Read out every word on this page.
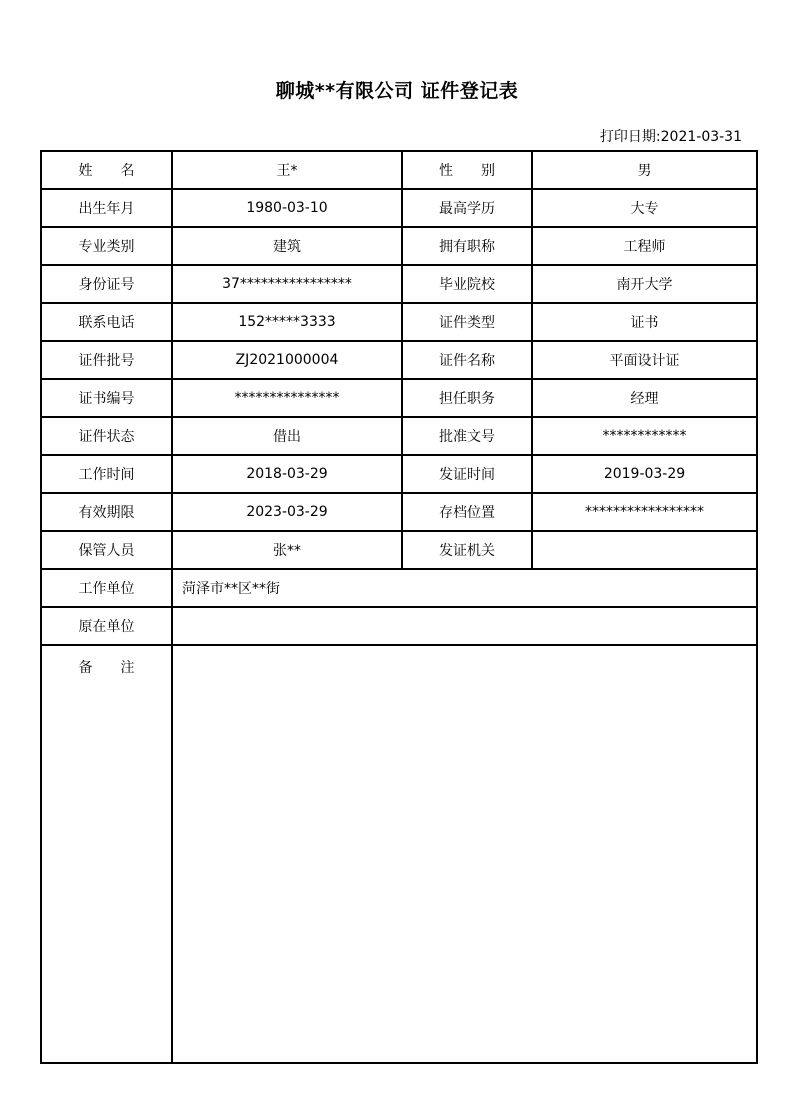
聊城**有限公司 证件登记表
打印日期:2021-03-31
姓　　名	王*	性　　别	男
出生年月	1980-03-10	最高学历	大专
专业类别	建筑	拥有职称	工程师
身份证号	37****************	毕业院校	南开大学
联系电话	152*****3333	证件类型	证书
证件批号	ZJ2021000004	证件名称	平面设计证
证书编号	***************	担任职务	经理
证件状态	借出	批准文号	************
工作时间	2018-03-29	发证时间	2019-03-29
有效期限	2023-03-29	存档位置	*****************
保管人员	张**	发证机关	
工作单位	菏泽市**区**街		
原在单位			
备　　注			
